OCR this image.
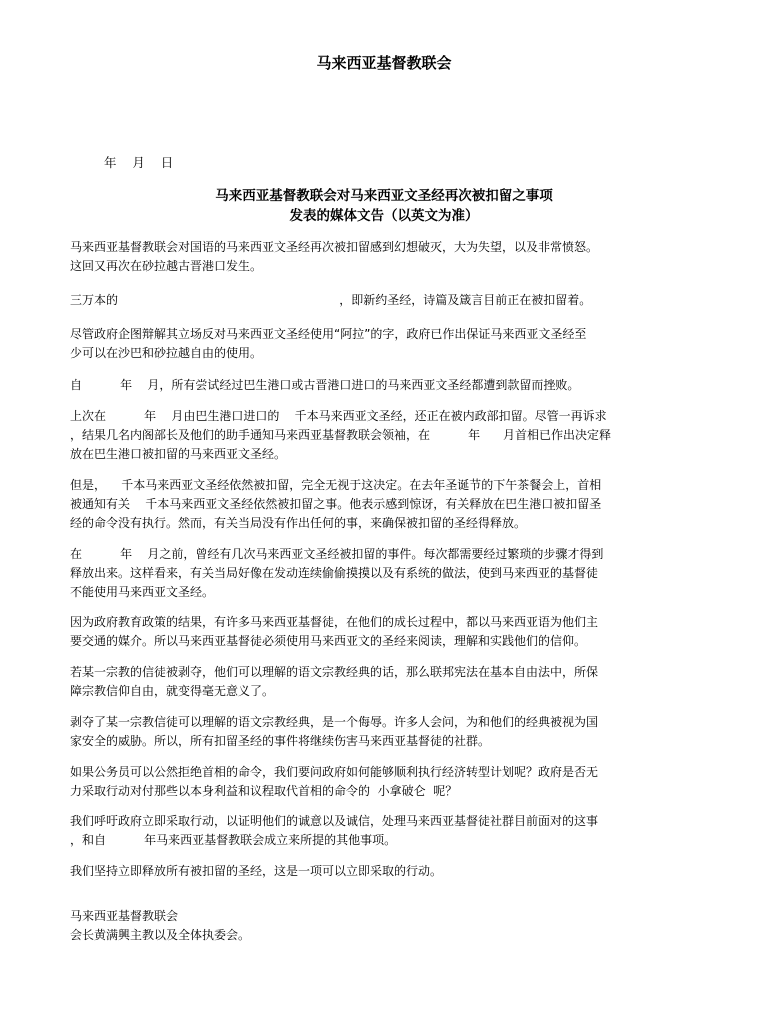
马来西亚基督教联会
年    月    日
马来西亚基督教联会对马来西亚文圣经再次被扣留之事项
发表的媒体文告（以英文为准）
马来西亚基督教联会对国语的马来西亚文圣经再次被扣留感到幻想破灭，大为失望，以及非常愤怒。
这回又再次在砂拉越古晋港口发生。
三万本的                                                          ，即新约圣经，诗篇及箴言目前正在被扣留着。
尽管政府企图辩解其立场反对马来西亚文圣经使用“阿拉”的字，政府已作出保证马来西亚文圣经至
少可以在沙巴和砂拉越自由的使用。
自          年    月，所有尝试经过巴生港口或古晋港口进口的马来西亚文圣经都遭到款留而挫败。
上次在          年    月由巴生港口进口的    千本马来西亚文圣经，还正在被内政部扣留。尽管一再诉求
，结果几名内阁部长及他们的助手通知马来西亚基督教联会领袖，在          年      月首相已作出决定释
放在巴生港口被扣留的马来西亚文圣经。
但是，    千本马来西亚文圣经依然被扣留，完全无视于这决定。在去年圣诞节的下午茶餐会上，首相
被通知有关    千本马来西亚文圣经依然被扣留之事。他表示感到惊讶，有关释放在巴生港口被扣留圣
经的命令没有执行。然而，有关当局没有作出任何的事，来确保被扣留的圣经得释放。
在          年    月之前，曾经有几次马来西亚文圣经被扣留的事件。每次都需要经过繁琐的步骤才得到
释放出来。这样看来，有关当局好像在发动连续偷偷摸摸以及有系统的做法，使到马来西亚的基督徒
不能使用马来西亚文圣经。
因为政府教育政策的结果，有许多马来西亚基督徒，在他们的成长过程中，都以马来西亚语为他们主
要交通的媒介。所以马来西亚基督徒必须使用马来西亚文的圣经来阅读，理解和实践他们的信仰。
若某一宗教的信徒被剥夺，他们可以理解的语文宗教经典的话，那么联邦宪法在基本自由法中，所保
障宗教信仰自由，就变得毫无意义了。
剥夺了某一宗教信徒可以理解的语文宗教经典，是一个侮辱。许多人会问，为和他们的经典被视为国
家安全的威胁。所以，所有扣留圣经的事件将继续伤害马来西亚基督徒的社群。
如果公务员可以公然拒绝首相的命令，我们要问政府如何能够顺利执行经济转型计划呢？政府是否无
力采取行动对付那些以本身利益和议程取代首相的命令的  小拿破仑  呢？
我们呼吁政府立即采取行动，以证明他们的诚意以及诚信，处理马来西亚基督徒社群目前面对的这事
，和自          年马来西亚基督教联会成立来所提的其他事项。
我们坚持立即释放所有被扣留的圣经，这是一项可以立即采取的行动。
马来西亚基督教联会
会长黄满興主教以及全体执委会。
